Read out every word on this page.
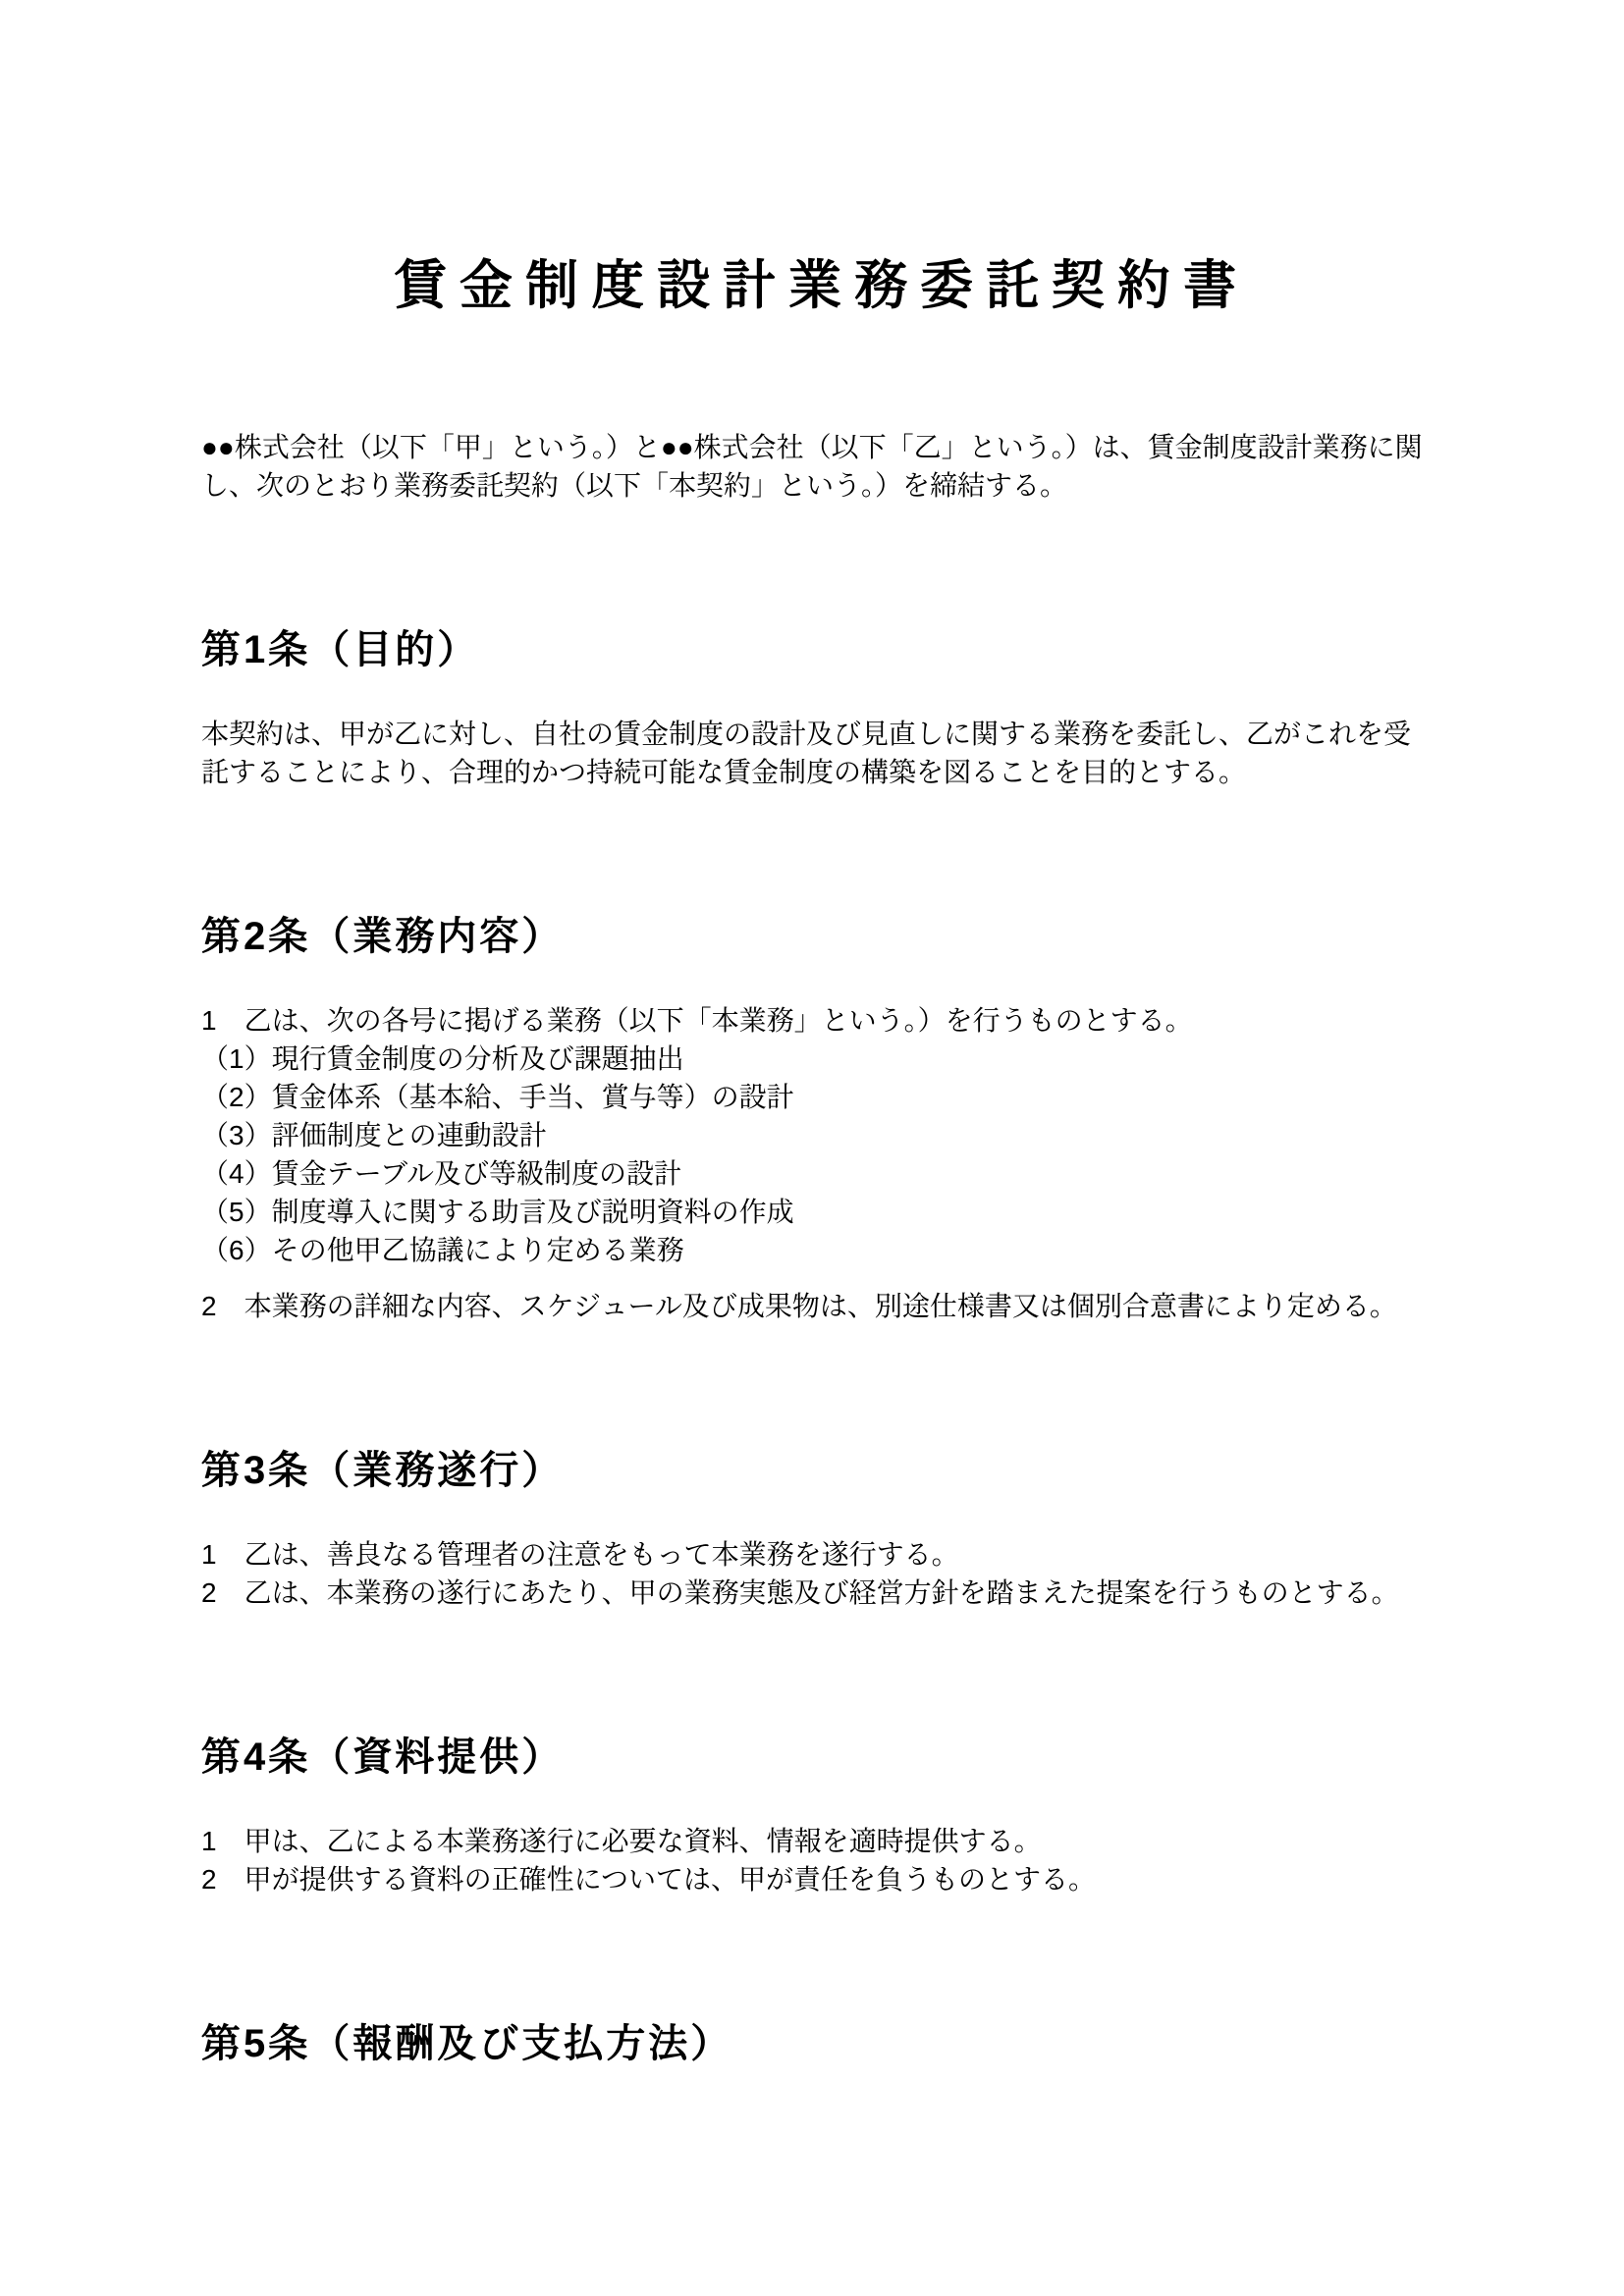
賃金制度設計業務委託契約書

●●株式会社（以下「甲」という。）と●●株式会社（以下「乙」という。）は、賃金制度設計業務に関し、次のとおり業務委託契約（以下「本契約」という。）を締結する。

第1条（目的）

本契約は、甲が乙に対し、自社の賃金制度の設計及び見直しに関する業務を委託し、乙がこれを受託することにより、合理的かつ持続可能な賃金制度の構築を図ることを目的とする。

第2条（業務内容）

1　乙は、次の各号に掲げる業務（以下「本業務」という。）を行うものとする。

（1）現行賃金制度の分析及び課題抽出
（2）賃金体系（基本給、手当、賞与等）の設計
（3）評価制度との連動設計
（4）賃金テーブル及び等級制度の設計
（5）制度導入に関する助言及び説明資料の作成
（6）その他甲乙協議により定める業務

2　本業務の詳細な内容、スケジュール及び成果物は、別途仕様書又は個別合意書により定める。

第3条（業務遂行）
1　乙は、善良なる管理者の注意をもって本業務を遂行する。
2　乙は、本業務の遂行にあたり、甲の業務実態及び経営方針を踏まえた提案を行うものとする。
第4条（資料提供）
1　甲は、乙による本業務遂行に必要な資料、情報を適時提供する。
2　甲が提供する資料の正確性については、甲が責任を負うものとする。
第5条（報酬及び支払方法）
